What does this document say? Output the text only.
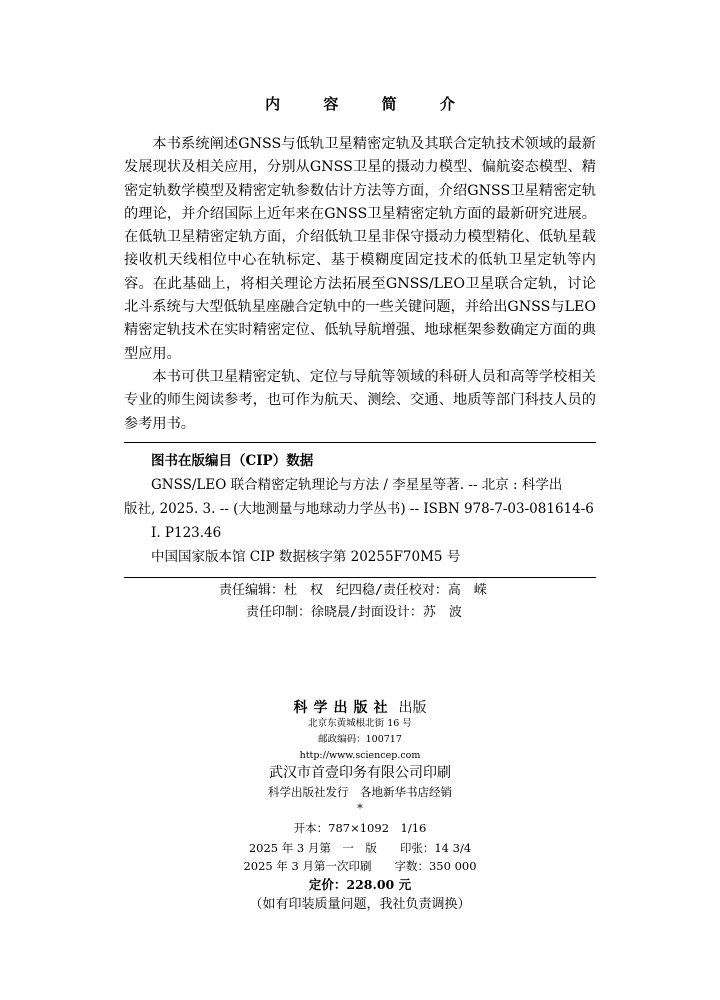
内 容 简 介

本书系统阐述GNSS与低轨卫星精密定轨及其联合定轨技术领域的最新发展现状及相关应用，分别从GNSS卫星的摄动力模型、偏航姿态模型、精密定轨数学模型及精密定轨参数估计方法等方面，介绍GNSS卫星精密定轨的理论，并介绍国际上近年来在GNSS卫星精密定轨方面的最新研究进展。在低轨卫星精密定轨方面，介绍低轨卫星非保守摄动力模型精化、低轨星载接收机天线相位中心在轨标定、基于模糊度固定技术的低轨卫星定轨等内容。在此基础上，将相关理论方法拓展至GNSS/LEO卫星联合定轨，讨论北斗系统与大型低轨星座融合定轨中的一些关键问题，并给出GNSS与LEO精密定轨技术在实时精密定位、低轨导航增强、地球框架参数确定方面的典型应用。

本书可供卫星精密定轨、定位与导航等领域的科研人员和高等学校相关专业的师生阅读参考，也可作为航天、测绘、交通、地质等部门科技人员的参考用书。

图书在版编目（CIP）数据
GNSS/LEO 联合精密定轨理论与方法 / 李星星等著. -- 北京 : 科学出
版社, 2025. 3. -- (大地测量与地球动力学丛书) -- ISBN 978-7-03-081614-6
I. P123.46
中国国家版本馆 CIP 数据核字第 20255F70M5 号
责任编辑：杜　权　纪四稳/责任校对：高　嵘
责任印制：徐晓晨/封面设计：苏　波
科学出版社 出版
北京东黄城根北街 16 号
邮政编码：100717
http://www.sciencep.com
武汉市首壹印务有限公司印刷
科学出版社发行　各地新华书店经销
*
开本：787×1092　1/16
2025 年 3 月第　一　版　　印张：14 3/4
2025 年 3 月第一次印刷　　字数：350 000
定价：228.00 元
（如有印装质量问题，我社负责调换）
